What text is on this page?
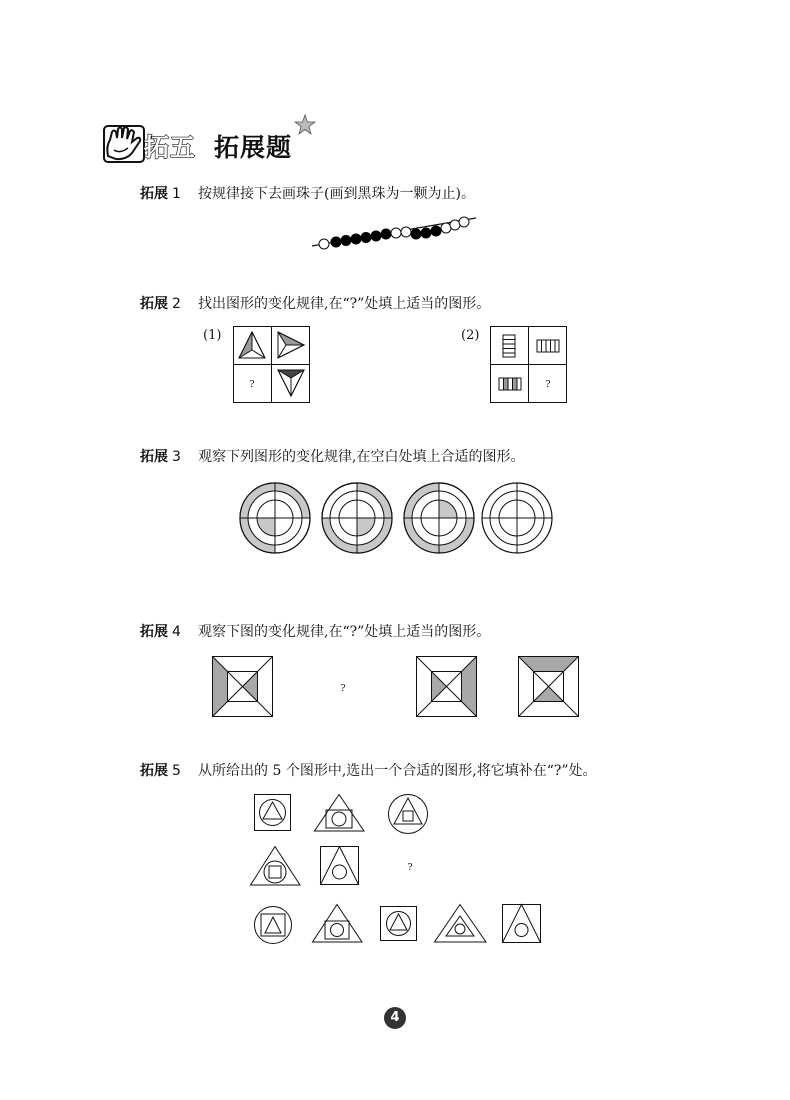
拓五 拓展题
拓展 1 按规律接下去画珠子(画到黑珠为一颗为止)。
拓展 2 找出图形的变化规律,在“?”处填上适当的图形。
(1)
?
(2)
?
拓展 3 观察下列图形的变化规律,在空白处填上合适的图形。
拓展 4 观察下图的变化规律,在“?”处填上适当的图形。
?
拓展 5 从所给出的 5 个图形中,选出一个合适的图形,将它填补在“?”处。
?
4
